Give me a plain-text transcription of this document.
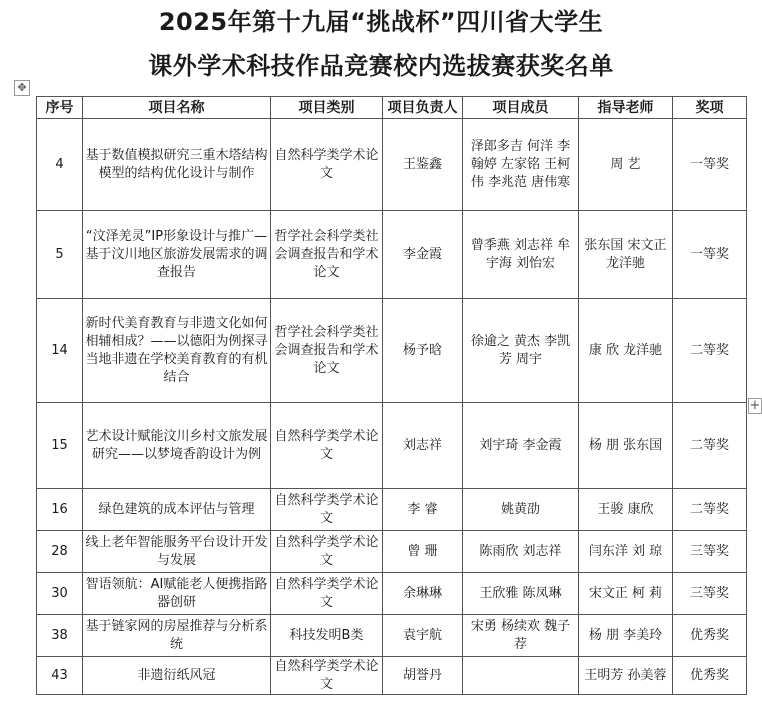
2025年第十九届“挑战杯”四川省大学生
课外学术科技作品竞赛校内选拔赛获奖名单
✥
+
序号	项目名称	项目类别	项目负责人	项目成员	指导老师	奖项
4	基于数值模拟研究三重木塔结构模型的结构优化设计与制作	自然科学类学术论文	王鉴鑫	泽郎多吉 何洋 李翰婷 左家铭 王柯伟 李兆范 唐伟寒	周 艺	一等奖
5	“汶泽羌灵”IP形象设计与推广—基于汶川地区旅游发展需求的调查报告	哲学社会科学类社会调查报告和学术论文	李金霞	曾季燕 刘志祥 牟宇海 刘怡宏	张东国 宋文正 龙洋驰	一等奖
14	新时代美育教育与非遗文化如何相辅相成？——以德阳为例探寻当地非遗在学校美育教育的有机结合	哲学社会科学类社会调查报告和学术论文	杨予晗	徐逾之 黄杰 李凯芳 周宇	康 欣 龙洋驰	二等奖
15	艺术设计赋能汶川乡村文旅发展研究——以梦境香韵设计为例	自然科学类学术论文	刘志祥	刘宇琦 李金霞	杨 朋 张东国	二等奖
16	绿色建筑的成本评估与管理	自然科学类学术论文	李 睿	姚黄劭	王骏 康欣	二等奖
28	线上老年智能服务平台设计开发与发展	自然科学类学术论文	曾 珊	陈雨欣 刘志祥	闫东洋 刘 琼	三等奖
30	智语领航：AI赋能老人便携指路器创研	自然科学类学术论文	余琳琳	王欣雅 陈凤琳	宋文正 柯 莉	三等奖
38	基于链家网的房屋推荐与分析系统	科技发明B类	袁宇航	宋勇 杨续欢 魏子荐	杨 朋 李美玲	优秀奖
43	非遗衍纸风冠	自然科学类学术论文	胡誉丹		王明芳 孙美蓉	优秀奖
